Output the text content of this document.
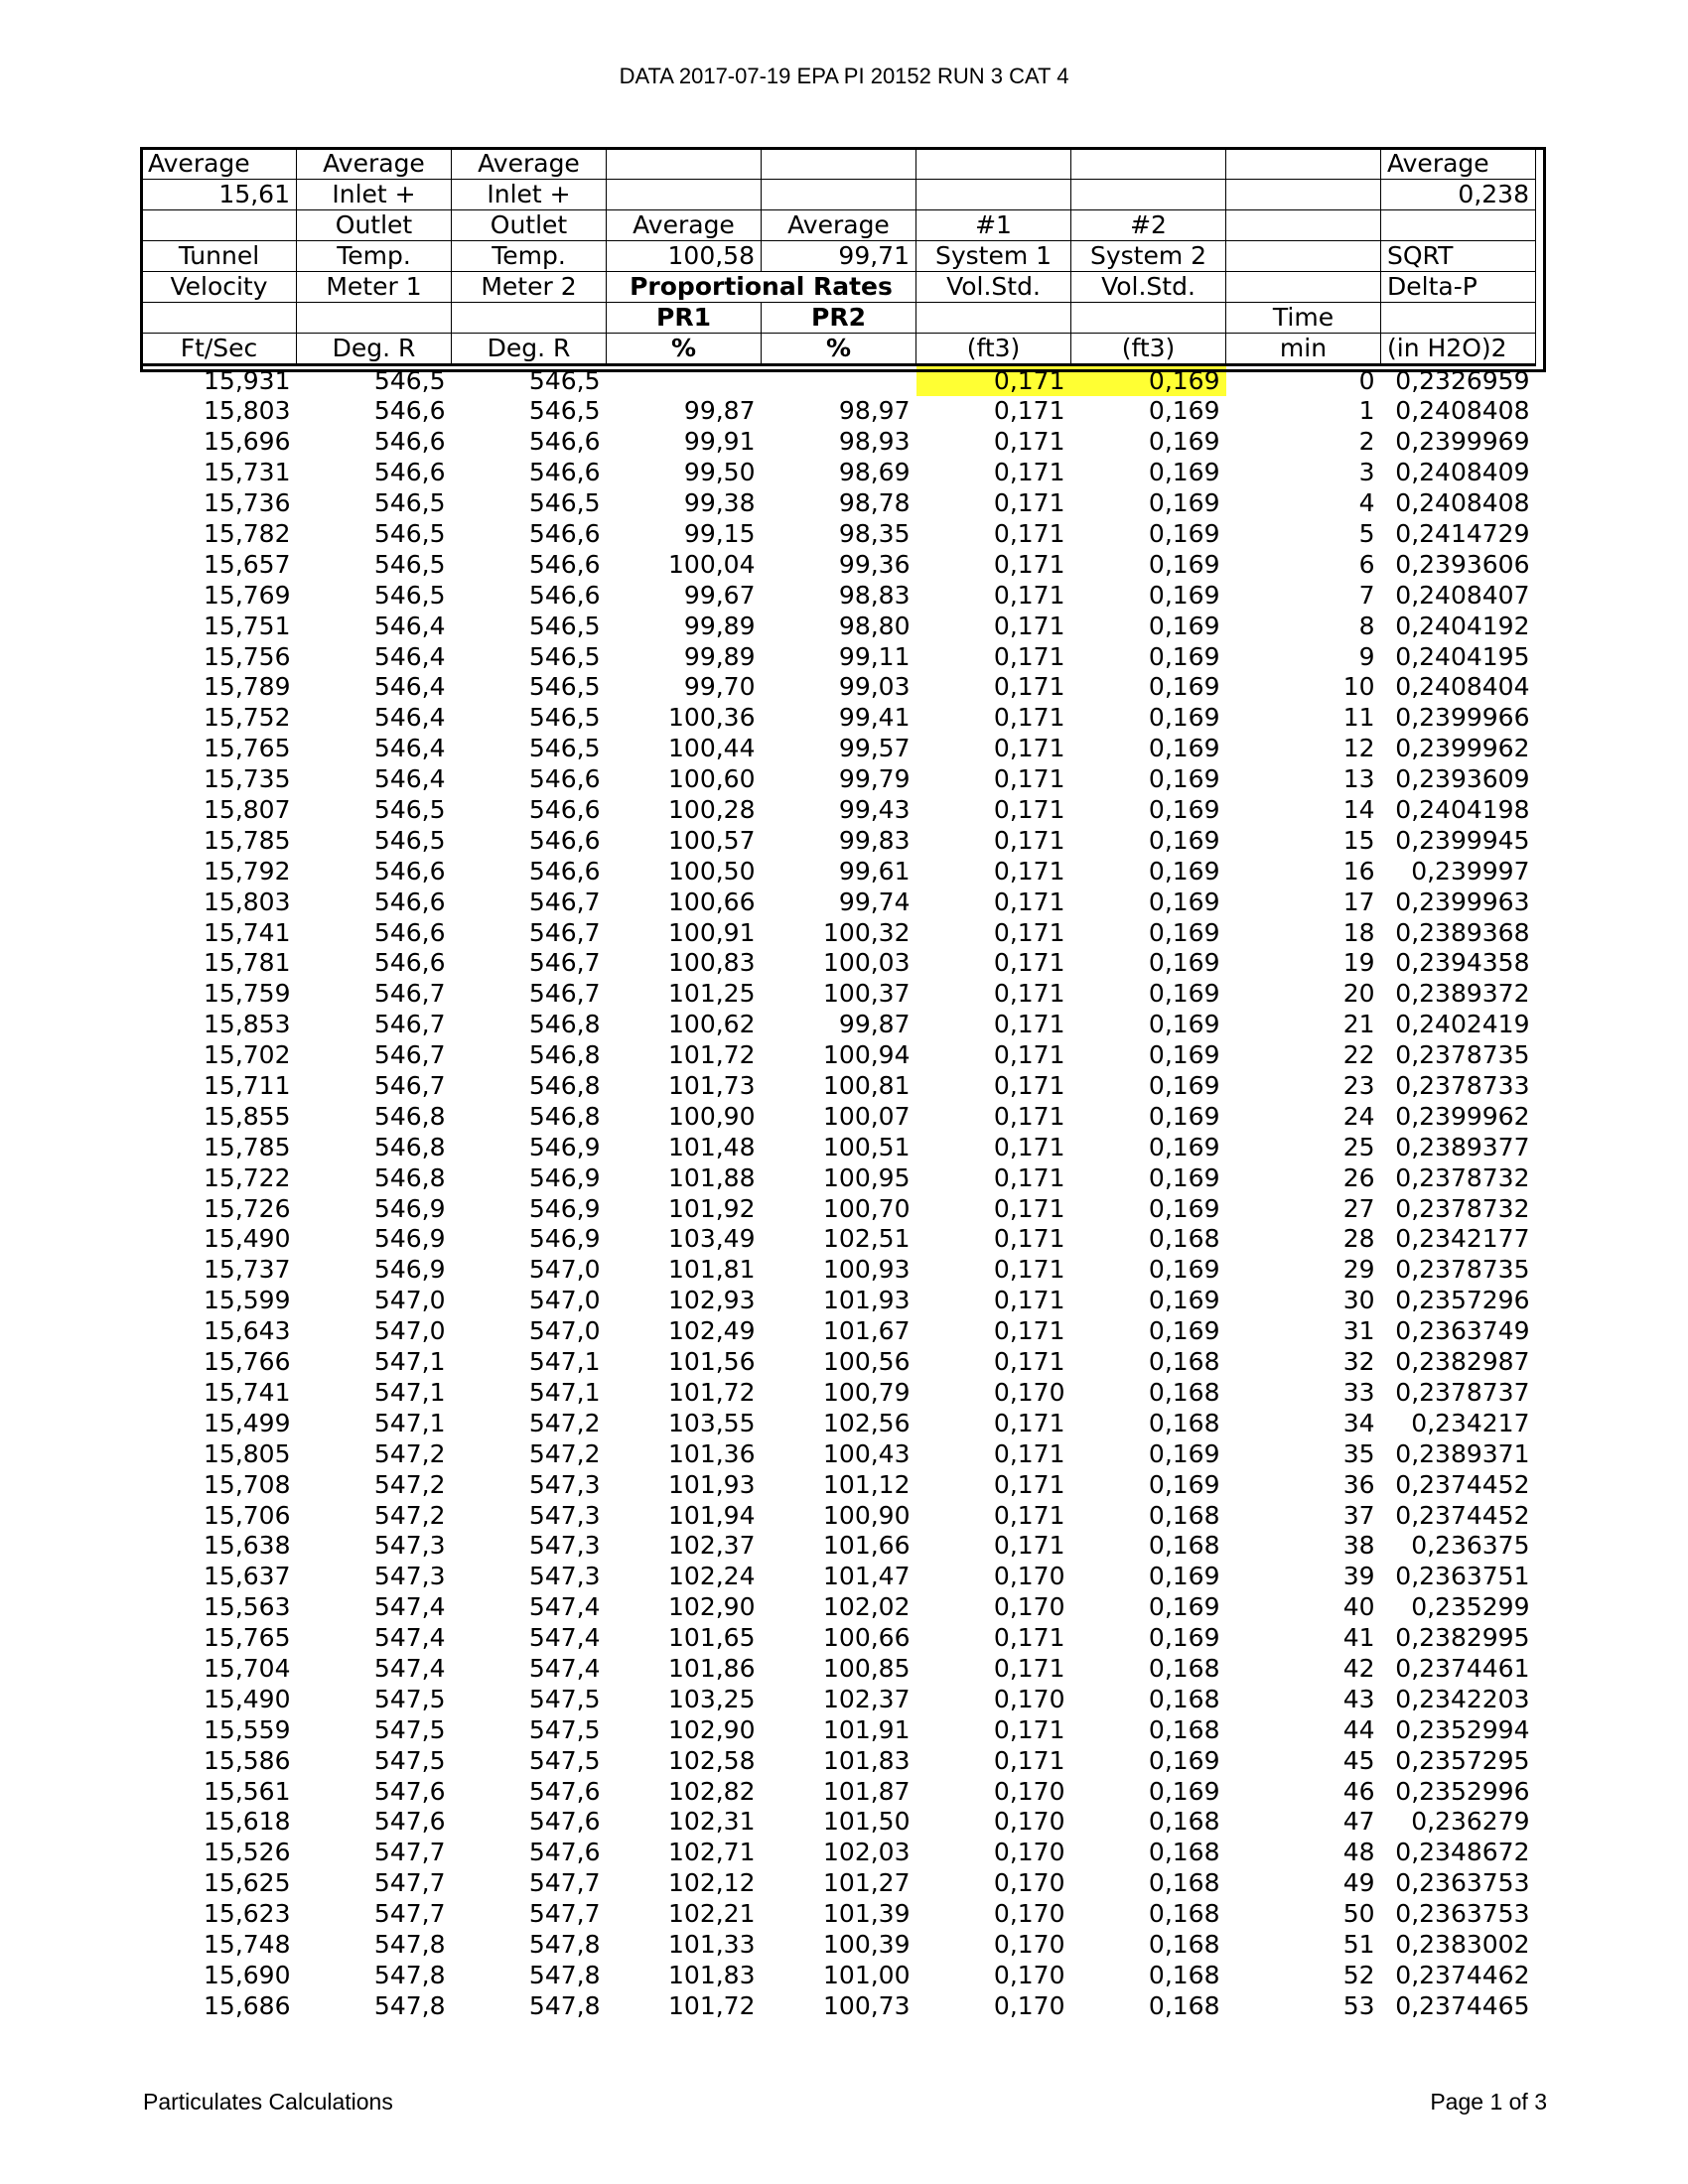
DATA 2017-07-19 EPA PI 20152 RUN 3 CAT 4
Average	Average	Average						Average
15,61	Inlet +	Inlet +						0,238
	Outlet	Outlet	Average	Average	#1	#2		
Tunnel	Temp.	Temp.	100,58	99,71	System 1	System 2		SQRT
Velocity	Meter 1	Meter 2	Proportional Rates		Vol.Std.	Vol.Std.		Delta-P
			PR1	PR2			Time	
Ft/Sec	Deg. R	Deg. R	%	%	(ft3)	(ft3)	min	(in H2O)2
15,931	546,5	546,5			0,171	0,169	0	0,2326959
15,803	546,6	546,5	99,87	98,97	0,171	0,169	1	0,2408408
15,696	546,6	546,6	99,91	98,93	0,171	0,169	2	0,2399969
15,731	546,6	546,6	99,50	98,69	0,171	0,169	3	0,2408409
15,736	546,5	546,5	99,38	98,78	0,171	0,169	4	0,2408408
15,782	546,5	546,6	99,15	98,35	0,171	0,169	5	0,2414729
15,657	546,5	546,6	100,04	99,36	0,171	0,169	6	0,2393606
15,769	546,5	546,6	99,67	98,83	0,171	0,169	7	0,2408407
15,751	546,4	546,5	99,89	98,80	0,171	0,169	8	0,2404192
15,756	546,4	546,5	99,89	99,11	0,171	0,169	9	0,2404195
15,789	546,4	546,5	99,70	99,03	0,171	0,169	10	0,2408404
15,752	546,4	546,5	100,36	99,41	0,171	0,169	11	0,2399966
15,765	546,4	546,5	100,44	99,57	0,171	0,169	12	0,2399962
15,735	546,4	546,6	100,60	99,79	0,171	0,169	13	0,2393609
15,807	546,5	546,6	100,28	99,43	0,171	0,169	14	0,2404198
15,785	546,5	546,6	100,57	99,83	0,171	0,169	15	0,2399945
15,792	546,6	546,6	100,50	99,61	0,171	0,169	16	0,239997
15,803	546,6	546,7	100,66	99,74	0,171	0,169	17	0,2399963
15,741	546,6	546,7	100,91	100,32	0,171	0,169	18	0,2389368
15,781	546,6	546,7	100,83	100,03	0,171	0,169	19	0,2394358
15,759	546,7	546,7	101,25	100,37	0,171	0,169	20	0,2389372
15,853	546,7	546,8	100,62	99,87	0,171	0,169	21	0,2402419
15,702	546,7	546,8	101,72	100,94	0,171	0,169	22	0,2378735
15,711	546,7	546,8	101,73	100,81	0,171	0,169	23	0,2378733
15,855	546,8	546,8	100,90	100,07	0,171	0,169	24	0,2399962
15,785	546,8	546,9	101,48	100,51	0,171	0,169	25	0,2389377
15,722	546,8	546,9	101,88	100,95	0,171	0,169	26	0,2378732
15,726	546,9	546,9	101,92	100,70	0,171	0,169	27	0,2378732
15,490	546,9	546,9	103,49	102,51	0,171	0,168	28	0,2342177
15,737	546,9	547,0	101,81	100,93	0,171	0,169	29	0,2378735
15,599	547,0	547,0	102,93	101,93	0,171	0,169	30	0,2357296
15,643	547,0	547,0	102,49	101,67	0,171	0,169	31	0,2363749
15,766	547,1	547,1	101,56	100,56	0,171	0,168	32	0,2382987
15,741	547,1	547,1	101,72	100,79	0,170	0,168	33	0,2378737
15,499	547,1	547,2	103,55	102,56	0,171	0,168	34	0,234217
15,805	547,2	547,2	101,36	100,43	0,171	0,169	35	0,2389371
15,708	547,2	547,3	101,93	101,12	0,171	0,169	36	0,2374452
15,706	547,2	547,3	101,94	100,90	0,171	0,168	37	0,2374452
15,638	547,3	547,3	102,37	101,66	0,171	0,168	38	0,236375
15,637	547,3	547,3	102,24	101,47	0,170	0,169	39	0,2363751
15,563	547,4	547,4	102,90	102,02	0,170	0,169	40	0,235299
15,765	547,4	547,4	101,65	100,66	0,171	0,169	41	0,2382995
15,704	547,4	547,4	101,86	100,85	0,171	0,168	42	0,2374461
15,490	547,5	547,5	103,25	102,37	0,170	0,168	43	0,2342203
15,559	547,5	547,5	102,90	101,91	0,171	0,168	44	0,2352994
15,586	547,5	547,5	102,58	101,83	0,171	0,169	45	0,2357295
15,561	547,6	547,6	102,82	101,87	0,170	0,169	46	0,2352996
15,618	547,6	547,6	102,31	101,50	0,170	0,168	47	0,236279
15,526	547,7	547,6	102,71	102,03	0,170	0,168	48	0,2348672
15,625	547,7	547,7	102,12	101,27	0,170	0,168	49	0,2363753
15,623	547,7	547,7	102,21	101,39	0,170	0,168	50	0,2363753
15,748	547,8	547,8	101,33	100,39	0,170	0,168	51	0,2383002
15,690	547,8	547,8	101,83	101,00	0,170	0,168	52	0,2374462
15,686	547,8	547,8	101,72	100,73	0,170	0,168	53	0,2374465
Particulates Calculations	Page 1 of 3
